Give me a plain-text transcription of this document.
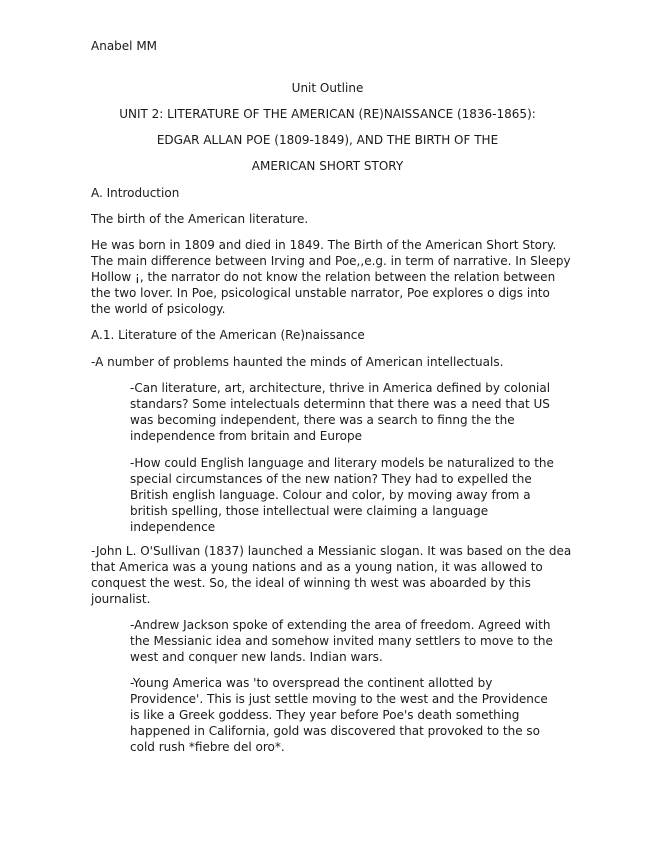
Anabel MM
Unit Outline
UNIT 2: LITERATURE OF THE AMERICAN (RE)NAISSANCE (1836-1865):
EDGAR ALLAN POE (1809-1849), AND THE BIRTH OF THE
AMERICAN SHORT STORY
A. Introduction
The birth of the American literature.

He was born in 1809 and died in 1849. The Birth of the American Short Story. The main difference between Irving and Poe,,e.g. in term of narrative. In Sleepy Hollow ¡, the narrator do not know the relation between the relation between the two lover. In Poe, psicological unstable narrator, Poe explores o digs into the world of psicology.

A.1. Literature of the American (Re)naissance
-A number of problems haunted the minds of American intellectuals.

-Can literature, art, architecture, thrive in America defined by colonial standars? Some intelectuals determinn that there was a need that US was becoming independent, there was a search to finng the the independence from britain and Europe

-How could English language and literary models be naturalized to the special circumstances of the new nation? They had to expelled the British english language. Colour and color, by moving away from a british spelling, those intellectual were claiming a language independence

-John L. O'Sullivan (1837) launched a Messianic slogan. It was based on the dea that America was a young nations and as a young nation, it was allowed to conquest the west. So, the ideal of winning th west was aboarded by this journalist.

-Andrew Jackson spoke of extending the area of freedom. Agreed with the Messianic idea and somehow invited many settlers to move to the west and conquer new lands. Indian wars.

-Young America was 'to overspread the continent allotted by Providence'. This is just settle moving to the west and the Providence is like a Greek goddess. They year before Poe's death something happened in California, gold was discovered that provoked to the so cold rush *fiebre del oro*.
